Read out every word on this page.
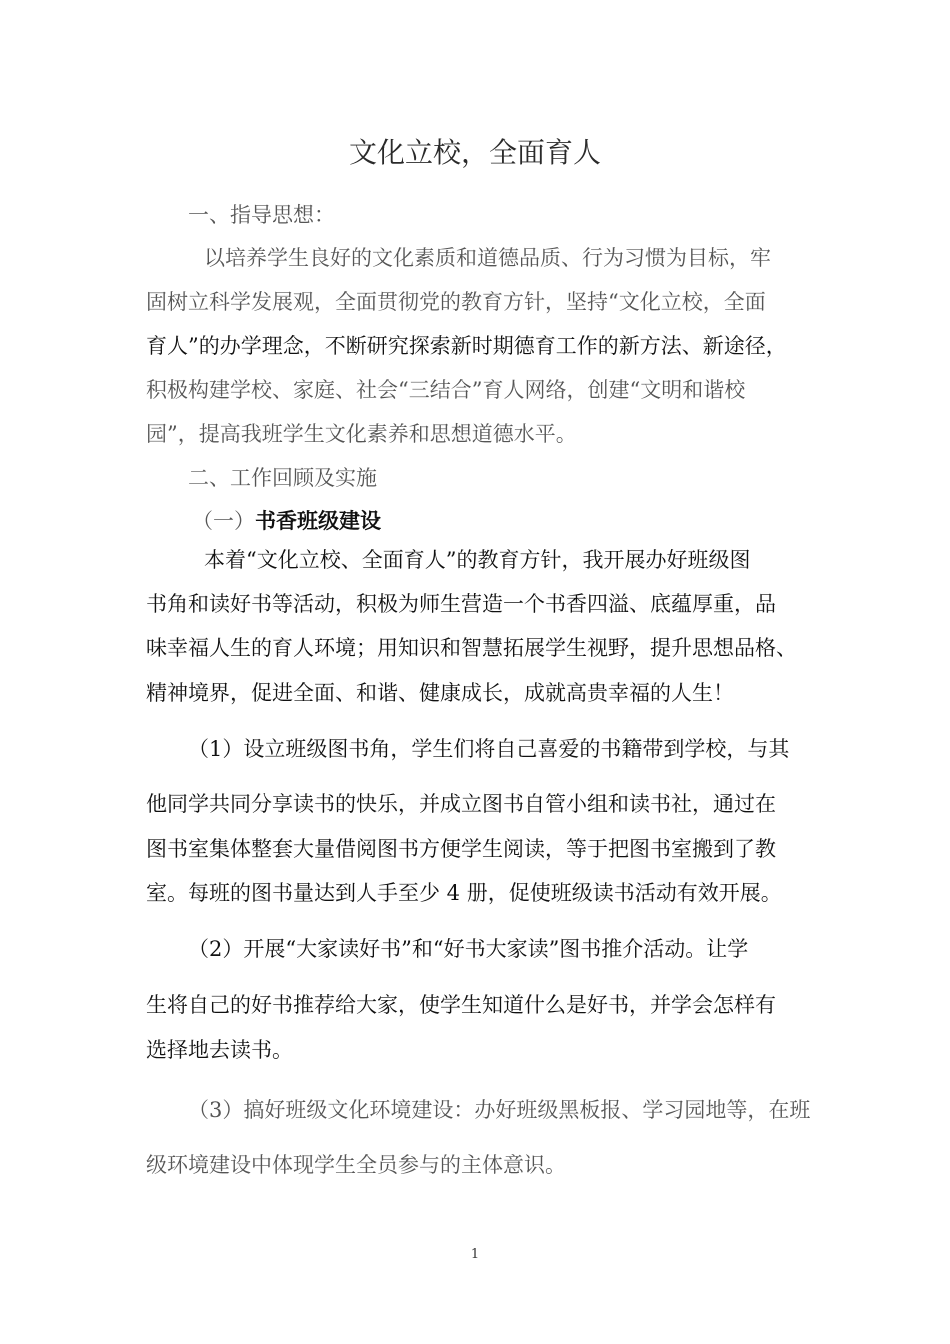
文化立校，全面育人
一、指导思想：
以培养学生良好的文化素质和道德品质、行为习惯为目标，牢
固树立科学发展观，全面贯彻党的教育方针，坚持“文化立校，全面
育人”的办学理念，不断研究探索新时期德育工作的新方法、新途径，
积极构建学校、家庭、社会“三结合”育人网络，创建“文明和谐校
园”，提高我班学生文化素养和思想道德水平。
二、工作回顾及实施
（一）书香班级建设
本着“文化立校、全面育人”的教育方针，我开展办好班级图
书角和读好书等活动，积极为师生营造一个书香四溢、底蕴厚重，品
味幸福人生的育人环境；用知识和智慧拓展学生视野，提升思想品格、
精神境界，促进全面、和谐、健康成长，成就高贵幸福的人生！
（1）设立班级图书角，学生们将自己喜爱的书籍带到学校，与其
他同学共同分享读书的快乐，并成立图书自管小组和读书社，通过在
图书室集体整套大量借阅图书方便学生阅读，等于把图书室搬到了教
室。每班的图书量达到人手至少 4 册，促使班级读书活动有效开展。
（2）开展“大家读好书”和“好书大家读”图书推介活动。让学
生将自己的好书推荐给大家，使学生知道什么是好书，并学会怎样有
选择地去读书。
（3）搞好班级文化环境建设：办好班级黑板报、学习园地等，在班
级环境建设中体现学生全员参与的主体意识。
1
